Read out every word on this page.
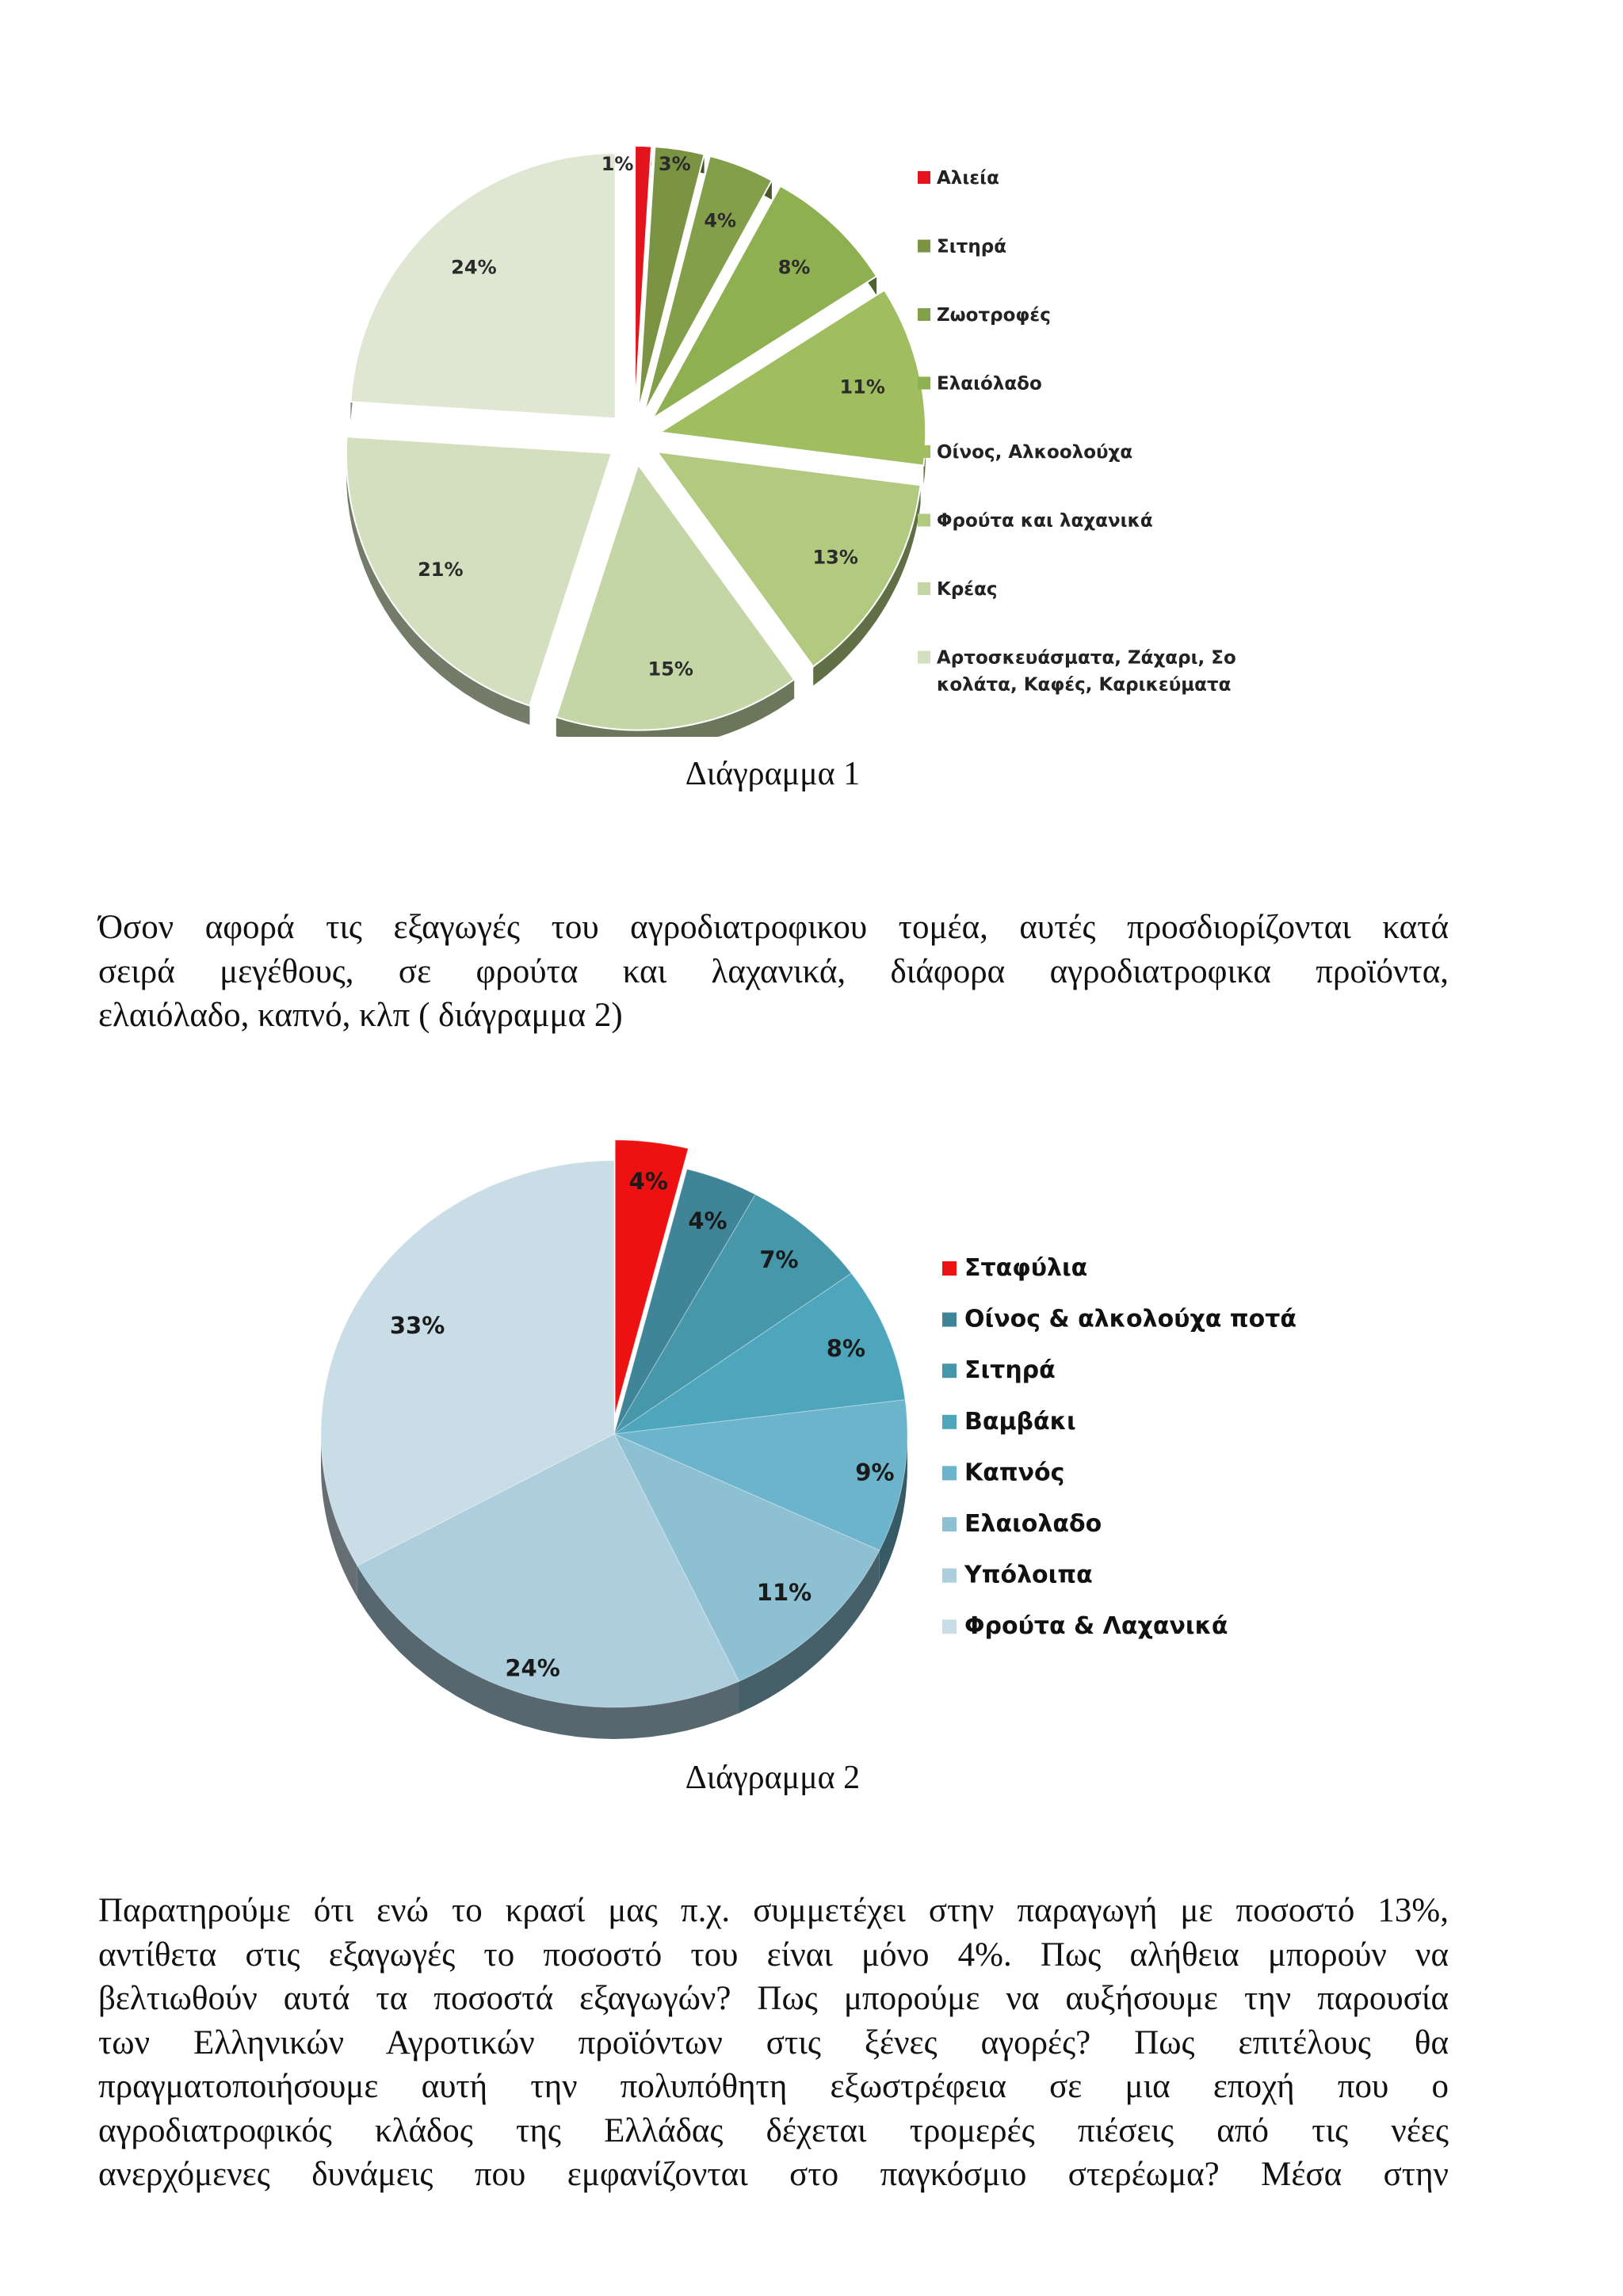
1% 3%
4%
8%
11%
13%
15%
21%
24%
Αλιεία
Σιτηρά
Ζωοτροφές
Ελαιόλαδο
Οίνος, Αλκοολούχα
Φρούτα και λαχανικά
Κρέας
Αρτοσκευάσματα, Ζάχαρι, Σο
κολάτα, Καφές, Καρικεύματα
Διάγραμμα 1
Όσον αφορά τις εξαγωγές του αγροδιατροφικου τομέα, αυτές προσδιορίζονται κατά
σειρά μεγέθους, σε φρούτα και λαχανικά, διάφορα αγροδιατροφικα προϊόντα,
ελαιόλαδο, καπνό, κλπ ( διάγραμμα 2)
4%
4%
7%
8%
9%
11%
24%
33%
Σταφύλια
Οίνος & αλκολούχα ποτά
Σιτηρά
Βαμβάκι
Καπνός
Ελαιολαδο
Υπόλοιπα
Φρούτα & Λαχανικά
Διάγραμμα 2
Παρατηρούμε ότι ενώ το κρασί μας π.χ. συμμετέχει στην παραγωγή με ποσοστό 13%,
αντίθετα στις εξαγωγές το ποσοστό του είναι μόνο 4%. Πως αλήθεια μπορούν να
βελτιωθούν αυτά τα ποσοστά εξαγωγών? Πως μπορούμε να αυξήσουμε την παρουσία
των Ελληνικών Αγροτικών προϊόντων στις ξένες αγορές? Πως επιτέλους θα
πραγματοποιήσουμε αυτή την πολυπόθητη εξωστρέφεια σε μια εποχή που ο
αγροδιατροφικός κλάδος της Ελλάδας δέχεται τρομερές πιέσεις από τις νέες
ανερχόμενες δυνάμεις που εμφανίζονται στο παγκόσμιο στερέωμα? Μέσα στην
